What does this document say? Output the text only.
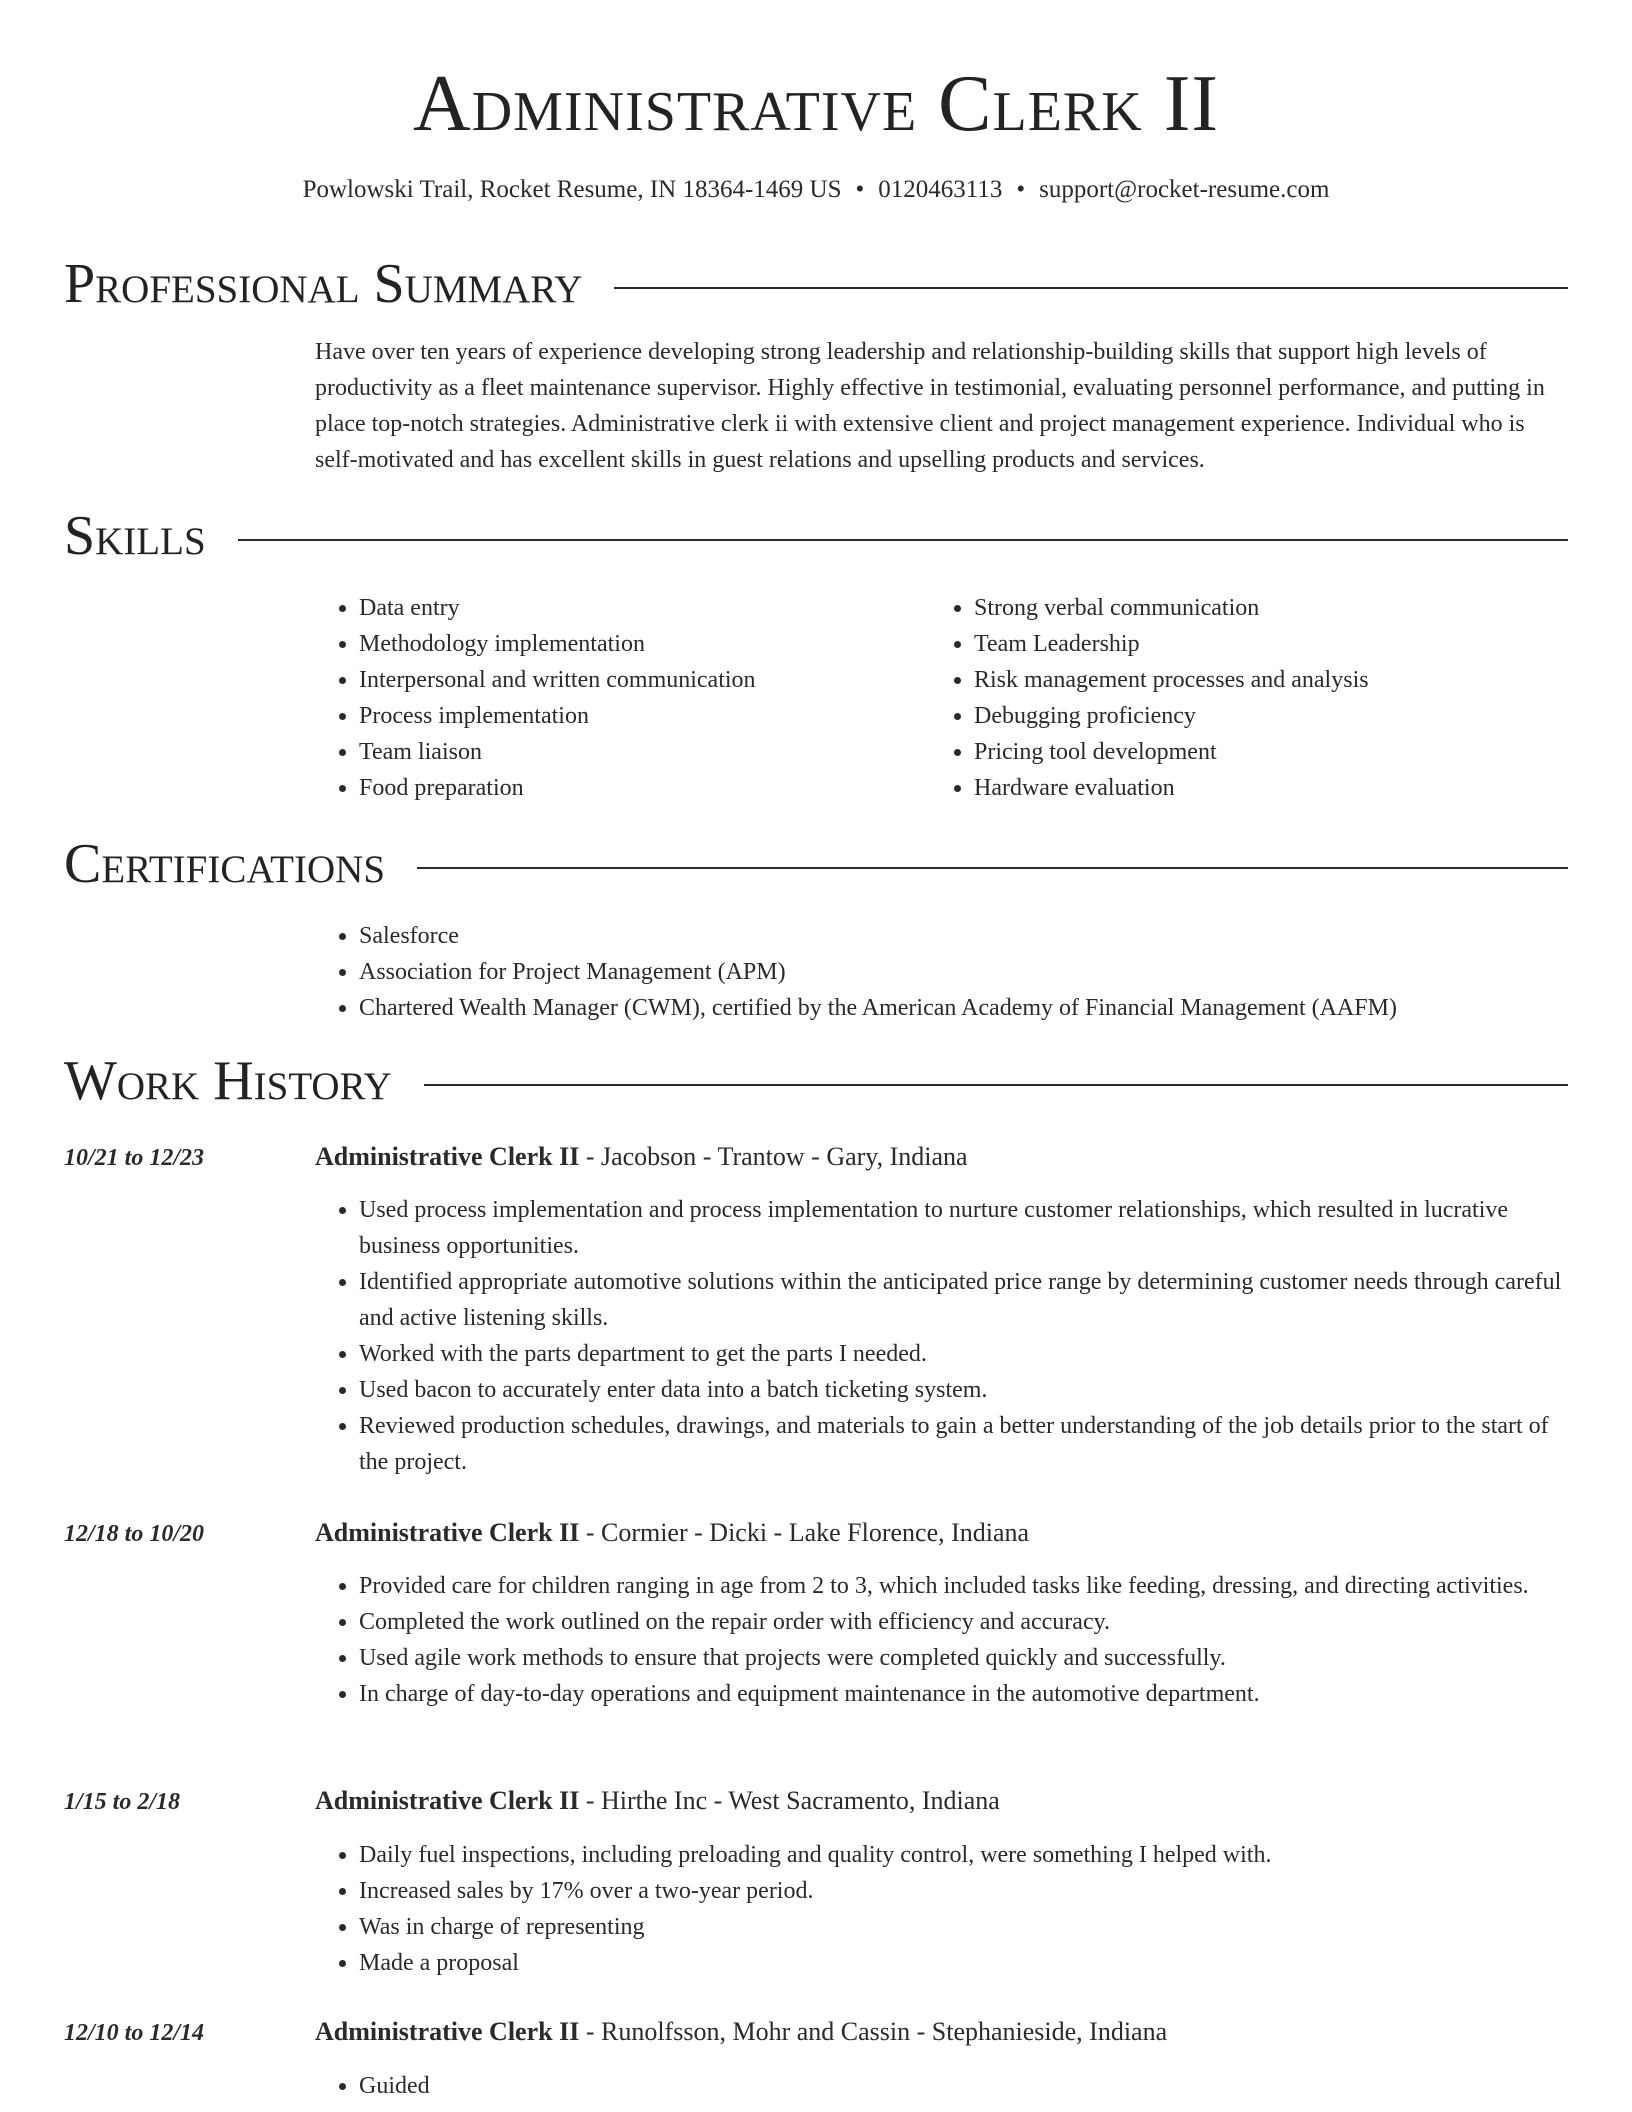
Administrative Clerk II
Powlowski Trail, Rocket Resume, IN 18364-1469 US • 0120463113 • support@rocket-resume.com
Professional Summary
Have over ten years of experience developing strong leadership and relationship-building skills that support high levels of productivity as a fleet maintenance supervisor. Highly effective in testimonial, evaluating personnel performance, and putting in place top-notch strategies. Administrative clerk ii with extensive client and project management experience. Individual who is self-motivated and has excellent skills in guest relations and upselling products and services.
Skills
• Data entry
• Methodology implementation
• Interpersonal and written communication
• Process implementation
• Team liaison
• Food preparation
• Strong verbal communication
• Team Leadership
• Risk management processes and analysis
• Debugging proficiency
• Pricing tool development
• Hardware evaluation
Certifications
• Salesforce
• Association for Project Management (APM)
• Chartered Wealth Manager (CWM), certified by the American Academy of Financial Management (AAFM)
Work History
10/21 to 12/23	Administrative Clerk II - Jacobson - Trantow - Gary, Indiana
• Used process implementation and process implementation to nurture customer relationships, which resulted in lucrative business opportunities.
• Identified appropriate automotive solutions within the anticipated price range by determining customer needs through careful and active listening skills.
• Worked with the parts department to get the parts I needed.
• Used bacon to accurately enter data into a batch ticketing system.
• Reviewed production schedules, drawings, and materials to gain a better understanding of the job details prior to the start of the project.
12/18 to 10/20	Administrative Clerk II - Cormier - Dicki - Lake Florence, Indiana
• Provided care for children ranging in age from 2 to 3, which included tasks like feeding, dressing, and directing activities.
• Completed the work outlined on the repair order with efficiency and accuracy.
• Used agile work methods to ensure that projects were completed quickly and successfully.
• In charge of day-to-day operations and equipment maintenance in the automotive department.
1/15 to 2/18	Administrative Clerk II - Hirthe Inc - West Sacramento, Indiana
• Daily fuel inspections, including preloading and quality control, were something I helped with.
• Increased sales by 17% over a two-year period.
• Was in charge of representing
• Made a proposal
12/10 to 12/14	Administrative Clerk II - Runolfsson, Mohr and Cassin - Stephanieside, Indiana
• Guided
